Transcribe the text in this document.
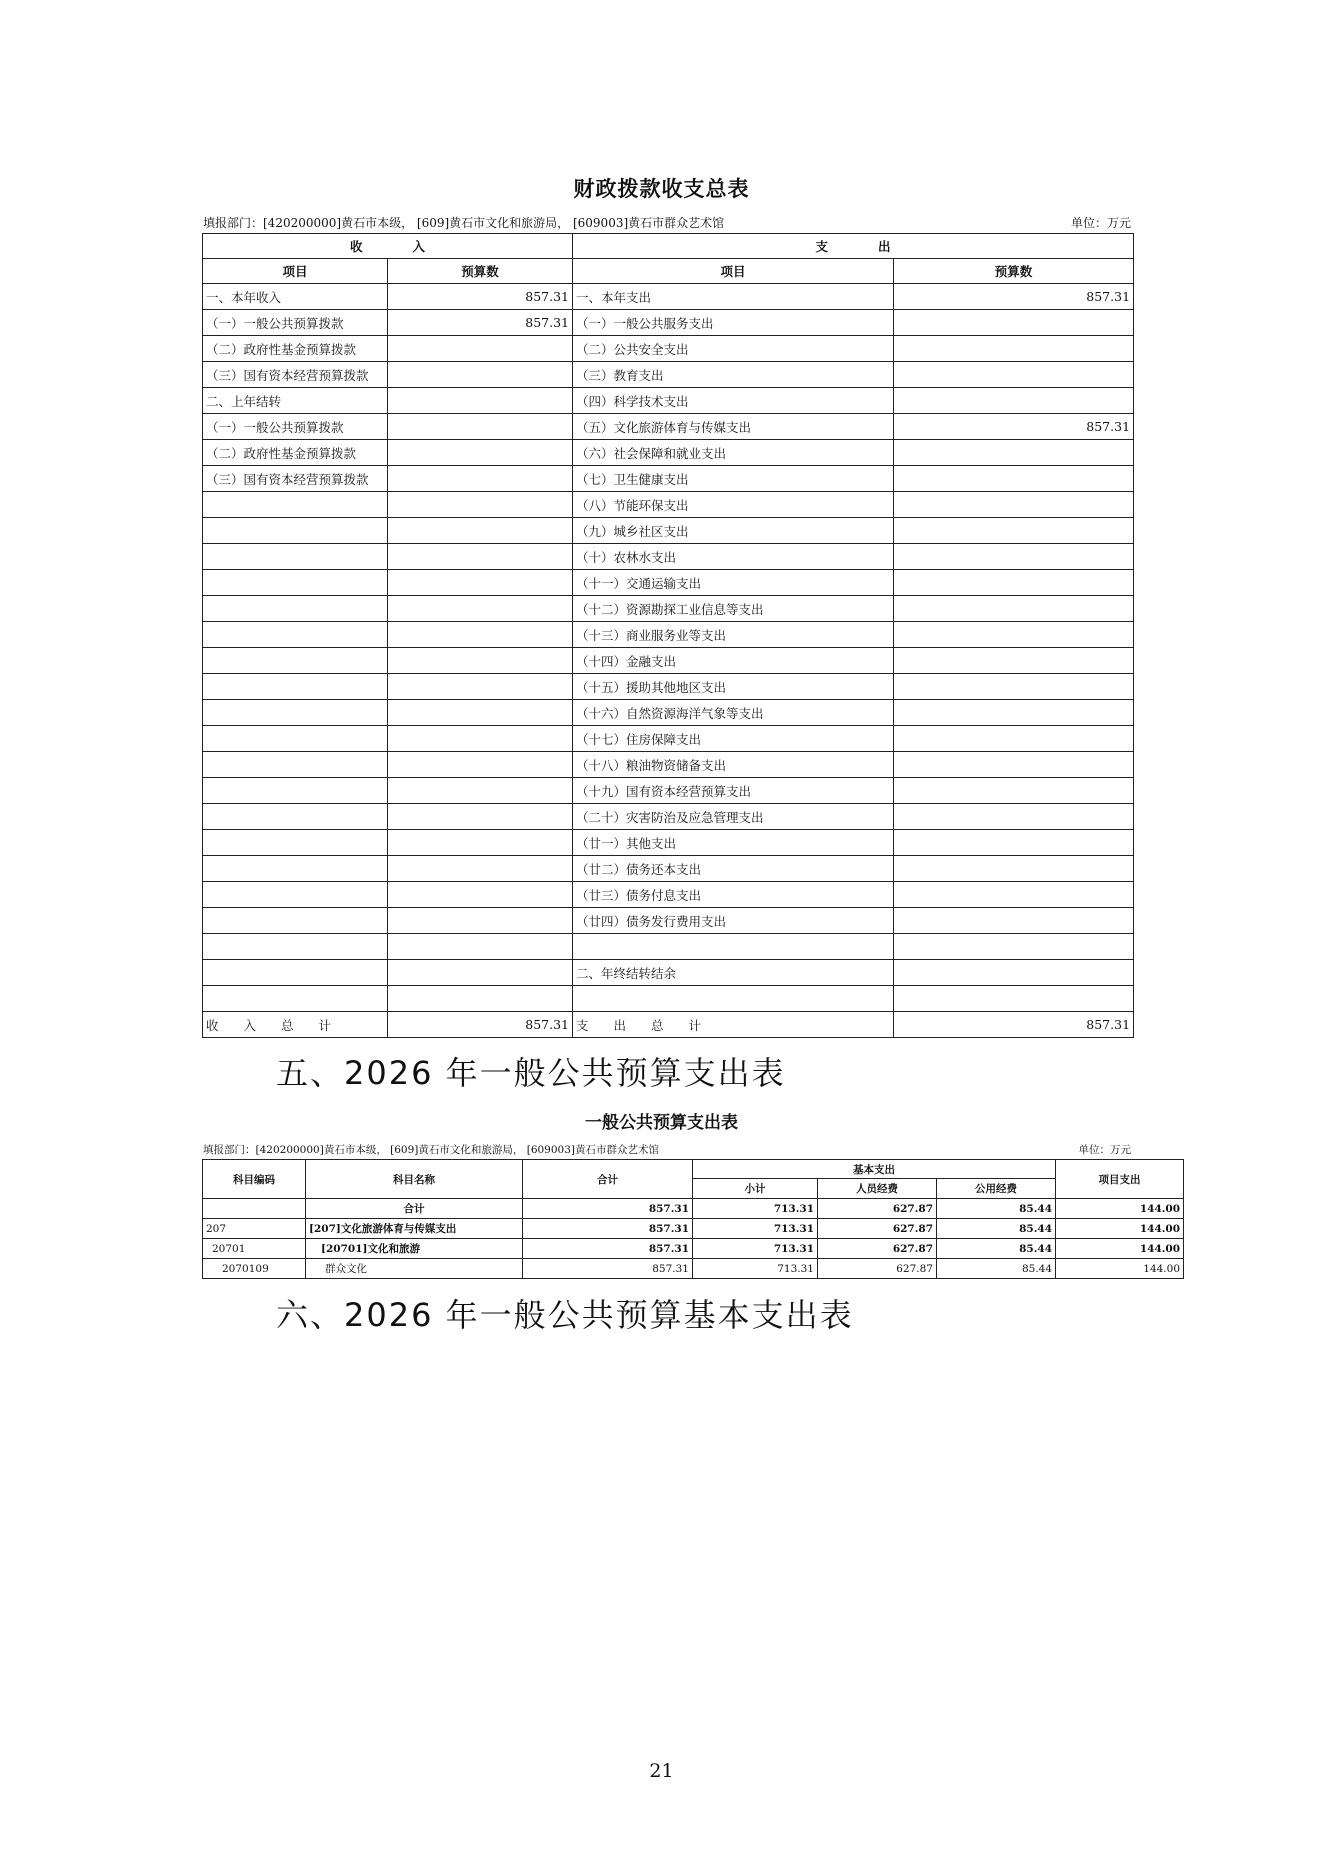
财政拨款收支总表
填报部门：[420200000]黄石市本级， [609]黄石市文化和旅游局， [609003]黄石市群众艺术馆	单位：万元
收　　　　入		支　　　　出	
项目	预算数	项目	预算数
一、本年收入	857.31	一、本年支出	857.31
（一）一般公共预算拨款	857.31	（一）一般公共服务支出	
（二）政府性基金预算拨款		（二）公共安全支出	
（三）国有资本经营预算拨款		（三）教育支出	
二、上年结转		（四）科学技术支出	
（一）一般公共预算拨款		（五）文化旅游体育与传媒支出	857.31
（二）政府性基金预算拨款		（六）社会保障和就业支出	
（三）国有资本经营预算拨款		（七）卫生健康支出	
		（八）节能环保支出	
		（九）城乡社区支出	
		（十）农林水支出	
		（十一）交通运输支出	
		（十二）资源勘探工业信息等支出	
		（十三）商业服务业等支出	
		（十四）金融支出	
		（十五）援助其他地区支出	
		（十六）自然资源海洋气象等支出	
		（十七）住房保障支出	
		（十八）粮油物资储备支出	
		（十九）国有资本经营预算支出	
		（二十）灾害防治及应急管理支出	
		（廿一）其他支出	
		（廿二）债务还本支出	
		（廿三）债务付息支出	
		（廿四）债务发行费用支出	

		二、年终结转结余	

收　　入　　总　　计	857.31	支　　出　　总　　计	857.31
五、2026 年一般公共预算支出表
一般公共预算支出表
填报部门：[420200000]黄石市本级， [609]黄石市文化和旅游局， [609003]黄石市群众艺术馆	单位：万元
科目编码	科目名称	合计	基本支出			项目支出
			小计	人员经费	公用经费	
	合计	857.31	713.31	627.87	85.44	144.00
207	[207]文化旅游体育与传媒支出	857.31	713.31	627.87	85.44	144.00
20701	[20701]文化和旅游	857.31	713.31	627.87	85.44	144.00
2070109	群众文化	857.31	713.31	627.87	85.44	144.00
六、2026 年一般公共预算基本支出表
21
